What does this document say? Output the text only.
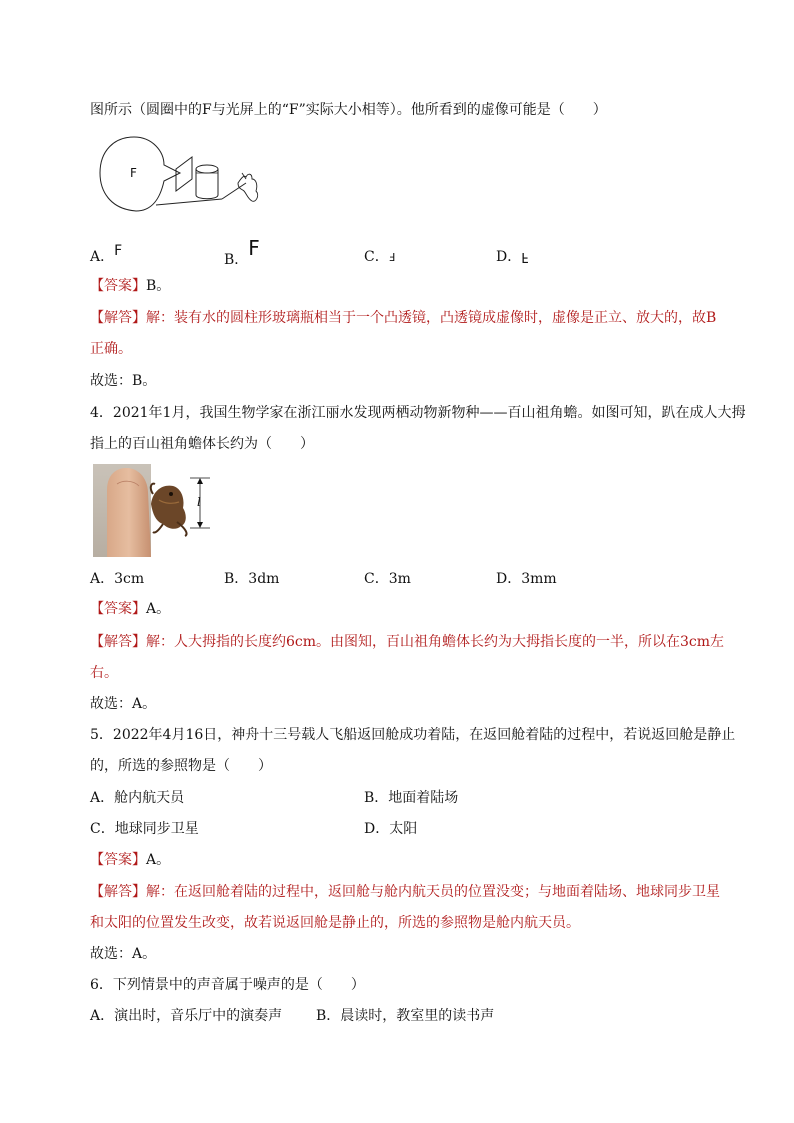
图所示（圆圈中的F与光屏上的“F”实际大小相等）。他所看到的虚像可能是（　　）
F
A．F
B．F	C．F	D．F
【答案】B。
【解答】解：装有水的圆柱形玻璃瓶相当于一个凸透镜，凸透镜成虚像时，虚像是正立、放大的，故B
正确。
故选：B。
4．2021年1月，我国生物学家在浙江丽水发现两栖动物新物种——百山祖角蟾。如图可知，趴在成人大拇
指上的百山祖角蟾体长约为（　　）
l
A．3cm	B．3dm	C．3m	D．3mm
【答案】A。
【解答】解：人大拇指的长度约6cm。由图知，百山祖角蟾体长约为大拇指长度的一半，所以在3cm左
右。
故选：A。
5．2022年4月16日，神舟十三号载人飞船返回舱成功着陆，在返回舱着陆的过程中，若说返回舱是静止
的，所选的参照物是（　　）
A．舱内航天员	B．地面着陆场
C．地球同步卫星	D．太阳
【答案】A。
【解答】解：在返回舱着陆的过程中，返回舱与舱内航天员的位置没变；与地面着陆场、地球同步卫星
和太阳的位置发生改变，故若说返回舱是静止的，所选的参照物是舱内航天员。
故选：A。
6．下列情景中的声音属于噪声的是（　　）
A．演出时，音乐厅中的演奏声 B．晨读时，教室里的读书声
